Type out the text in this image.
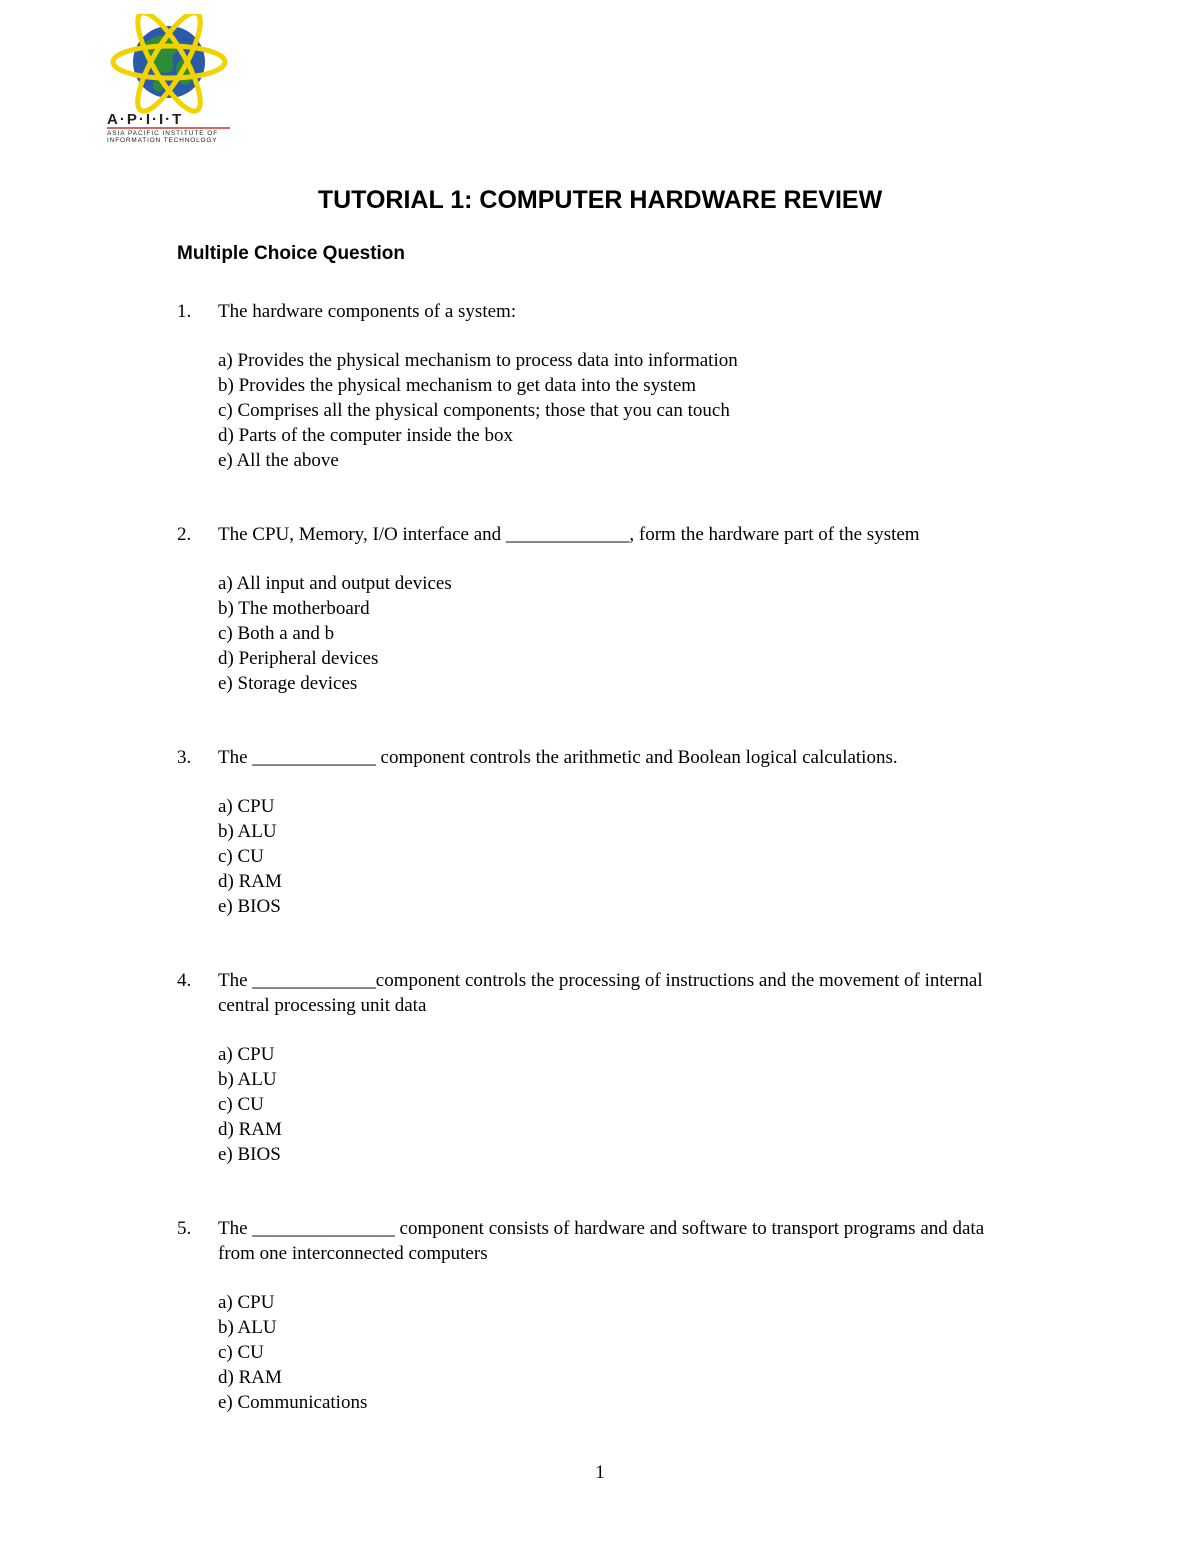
A·P·I·I·T
ASIA PACIFIC INSTITUTE OF
INFORMATION TECHNOLOGY
TUTORIAL 1: COMPUTER HARDWARE REVIEW
Multiple Choice Question
1. The hardware components of a system:
a) Provides the physical mechanism to process data into information
b) Provides the physical mechanism to get data into the system
c) Comprises all the physical components; those that you can touch
d) Parts of the computer inside the box
e) All the above
2. The CPU, Memory, I/O interface and _____________, form the hardware part of the system
a) All input and output devices
b) The motherboard
c) Both a and b
d) Peripheral devices
e) Storage devices
3. The _____________ component controls the arithmetic and Boolean logical calculations.
a) CPU
b) ALU
c) CU
d) RAM
e) BIOS
4. The _____________component controls the processing of instructions and the movement of internal central processing unit data
a) CPU
b) ALU
c) CU
d) RAM
e) BIOS
5. The _______________ component consists of hardware and software to transport programs and data from one interconnected computers
a) CPU
b) ALU
c) CU
d) RAM
e) Communications
1
